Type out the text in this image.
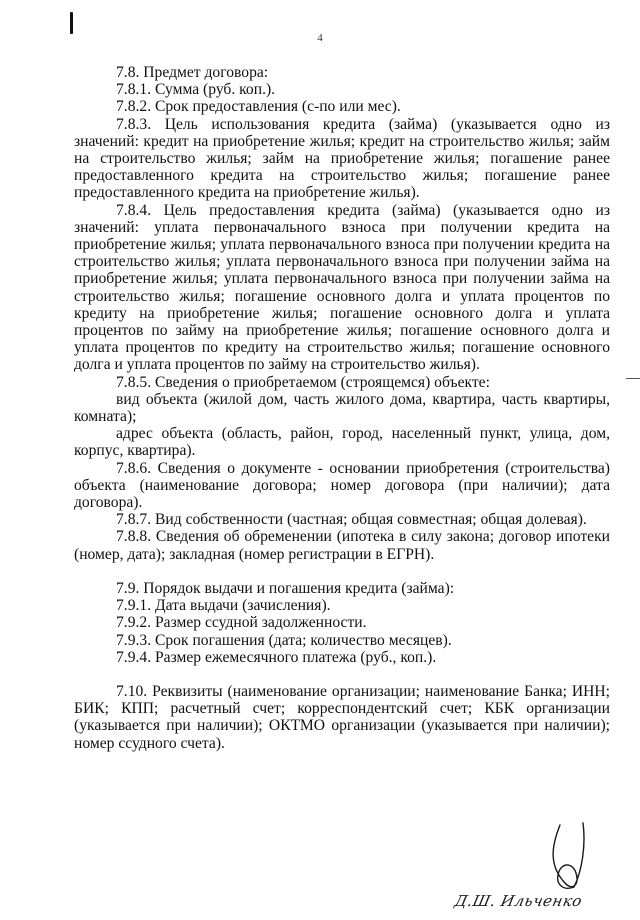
4

7.8. Предмет договора:

7.8.1. Сумма (руб. коп.).

7.8.2. Срок предоставления (с-по или мес).

7.8.3. Цель использования кредита (займа) (указывается одно из значений: кредит на приобретение жилья; кредит на строительство жилья; займ на строительство жилья; займ на приобретение жилья; погашение ранее предоставленного кредита на строительство жилья; погашение ранее предоставленного кредита на приобретение жилья).

7.8.4. Цель предоставления кредита (займа) (указывается одно из значений: уплата первоначального взноса при получении кредита на приобретение жилья; уплата первоначального взноса при получении кредита на строительство жилья; уплата первоначального взноса при получении займа на приобретение жилья; уплата первоначального взноса при получении займа на строительство жилья; погашение основного долга и уплата процентов по кредиту на приобретение жилья; погашение основного долга и уплата процентов по займу на приобретение жилья; погашение основного долга и уплата процентов по кредиту на строительство жилья; погашение основного долга и уплата процентов по займу на строительство жилья).

7.8.5. Сведения о приобретаемом (строящемся) объекте:

вид объекта (жилой дом, часть жилого дома, квартира, часть квартиры, комната);

адрес объекта (область, район, город, населенный пункт, улица, дом, корпус, квартира).

7.8.6. Сведения о документе - основании приобретения (строительства) объекта (наименование договора; номер договора (при наличии); дата договора).

7.8.7. Вид собственности (частная; общая совместная; общая долевая).

7.8.8. Сведения об обременении (ипотека в силу закона; договор ипотеки (номер, дата); закладная (номер регистрации в ЕГРН).

7.9. Порядок выдачи и погашения кредита (займа):

7.9.1. Дата выдачи (зачисления).

7.9.2. Размер ссудной задолженности.

7.9.3. Срок погашения (дата; количество месяцев).

7.9.4. Размер ежемесячного платежа (руб., коп.).

7.10. Реквизиты (наименование организации; наименование Банка; ИНН; БИК; КПП; расчетный счет; корреспондентский счет; КБК организации (указывается при наличии); ОКТМО организации (указывается при наличии); номер ссудного счета).

Д.Ш. Ильченко
